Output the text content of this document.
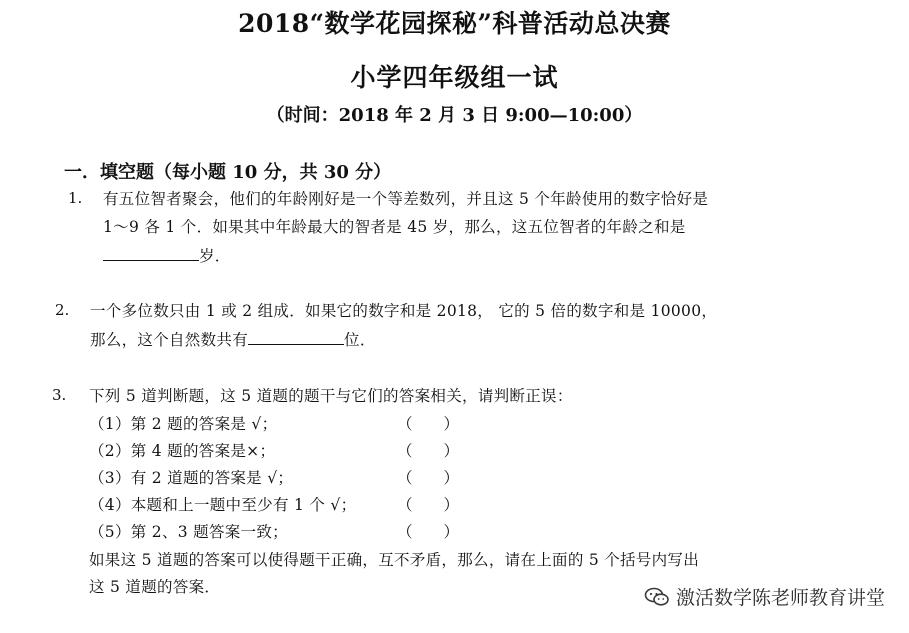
2018“数学花园探秘”科普活动总决赛
小学四年级组一试
（时间：2018 年 2 月 3 日 9:00—10:00）
一．填空题（每小题 10 分，共 30 分）
1. 有五位智者聚会，他们的年龄刚好是一个等差数列，并且这 5 个年龄使用的数字恰好是
1～9 各 1 个．如果其中年龄最大的智者是 45 岁，那么，这五位智者的年龄之和是
岁．
2. 一个多位数只由 1 或 2 组成．如果它的数字和是 2018， 它的 5 倍的数字和是 10000，
那么，这个自然数共有	位．
3. 下列 5 道判断题，这 5 道题的题干与它们的答案相关，请判断正误：
（1）第 2 题的答案是 √；	（　　）
（2）第 4 题的答案是×；	（　　）
（3）有 2 道题的答案是 √；	（　　）
（4）本题和上一题中至少有 1 个 √；	（　　）
（5）第 2、3 题答案一致；	（　　）
如果这 5 道题的答案可以使得题干正确，互不矛盾，那么，请在上面的 5 个括号内写出
这 5 道题的答案．	激活数学陈老师教育讲堂
